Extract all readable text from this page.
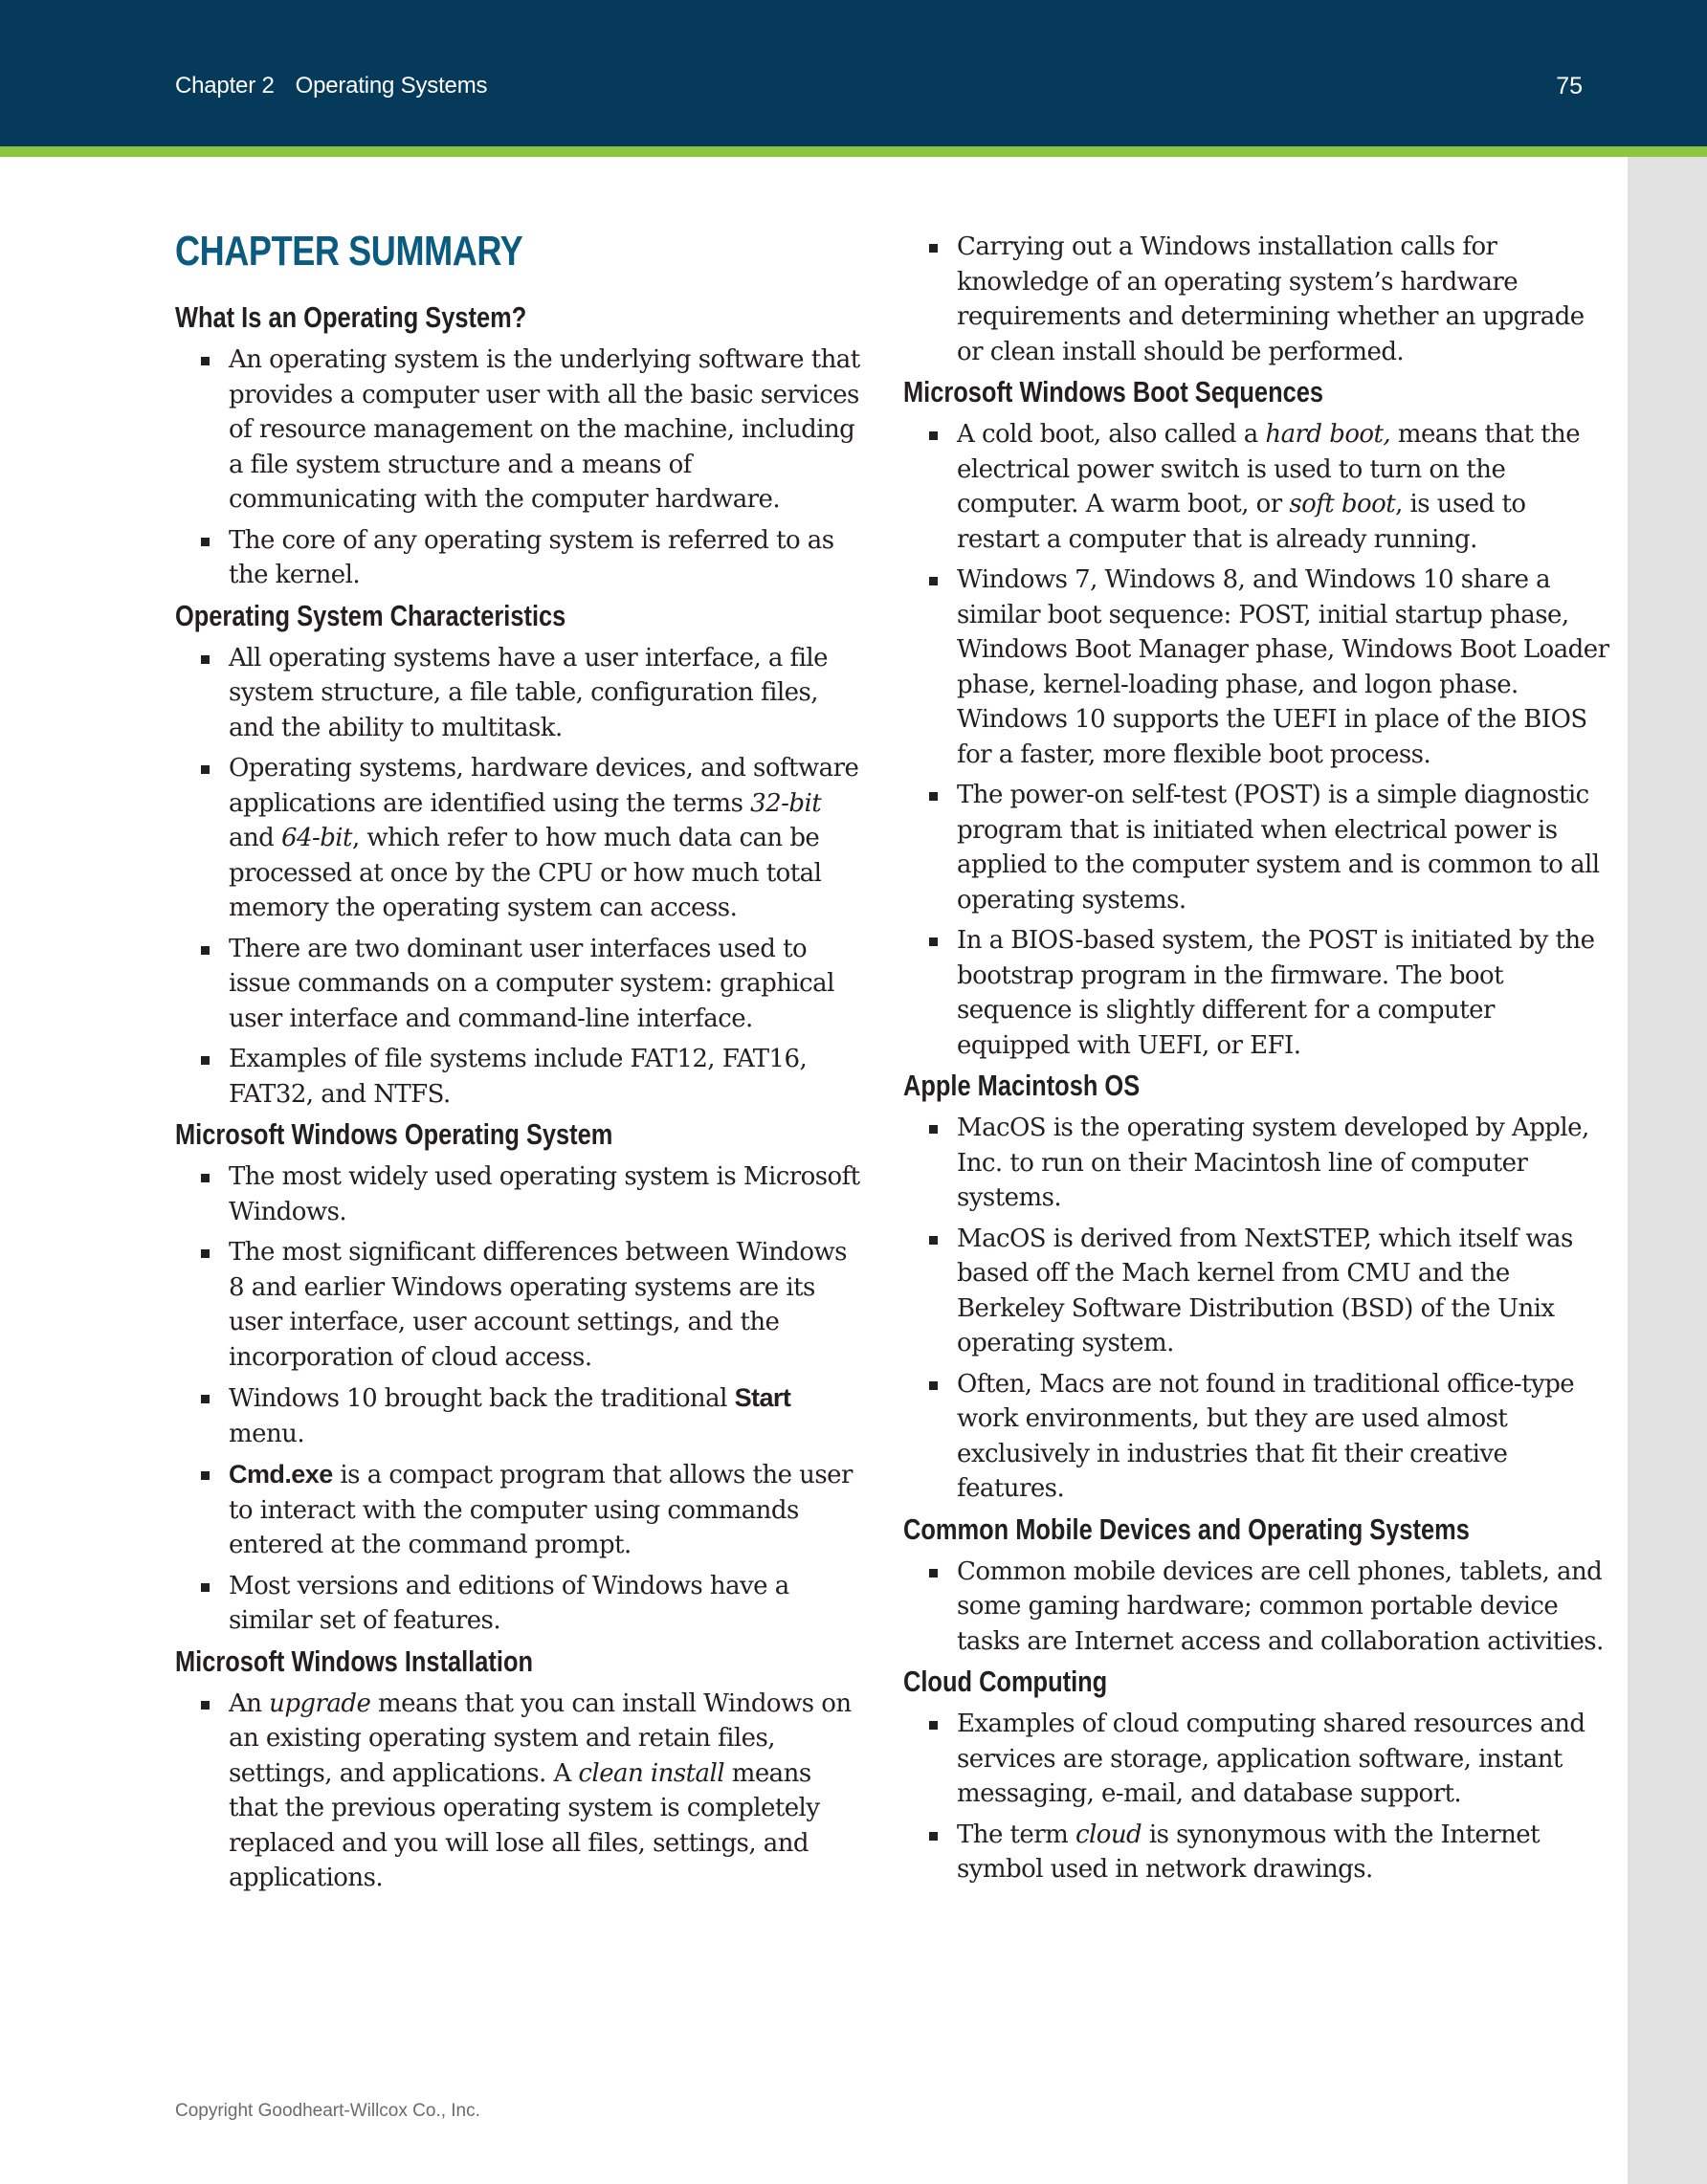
Chapter 2 Operating Systems	75
CHAPTER SUMMARY
What Is an Operating System?
An operating system is the underlying software that provides a computer user with all the basic services of resource management on the machine, including a file system structure and a means of communicating with the computer hardware.
The core of any operating system is referred to as the kernel.
Operating System Characteristics
All operating systems have a user interface, a file system structure, a file table, configuration files, and the ability to multitask.
Operating systems, hardware devices, and software applications are identified using the terms 32-bit and 64-bit, which refer to how much data can be processed at once by the CPU or how much total memory the operating system can access.
There are two dominant user interfaces used to issue commands on a computer system: graphical user interface and command-line interface.
Examples of file systems include FAT12, FAT16, FAT32, and NTFS.
Microsoft Windows Operating System
The most widely used operating system is Microsoft Windows.
The most significant differences between Windows 8 and earlier Windows operating systems are its user interface, user account settings, and the incorporation of cloud access.
Windows 10 brought back the traditional Start menu.
Cmd.exe is a compact program that allows the user to interact with the computer using commands entered at the command prompt.
Most versions and editions of Windows have a similar set of features.
Microsoft Windows Installation
An upgrade means that you can install Windows on an existing operating system and retain files, settings, and applications. A clean install means that the previous operating system is completely replaced and you will lose all files, settings, and applications.
Carrying out a Windows installation calls for knowledge of an operating system’s hardware requirements and determining whether an upgrade or clean install should be performed.
Microsoft Windows Boot Sequences
A cold boot, also called a hard boot, means that the electrical power switch is used to turn on the computer. A warm boot, or soft boot, is used to restart a computer that is already running.
Windows 7, Windows 8, and Windows 10 share a similar boot sequence: POST, initial startup phase, Windows Boot Manager phase, Windows Boot Loader phase, kernel-loading phase, and logon phase. Windows 10 supports the UEFI in place of the BIOS for a faster, more flexible boot process.
The power-on self-test (POST) is a simple diagnostic program that is initiated when electrical power is applied to the computer system and is common to all operating systems.
In a BIOS-based system, the POST is initiated by the bootstrap program in the firmware. The boot sequence is slightly different for a computer equipped with UEFI, or EFI.
Apple Macintosh OS
MacOS is the operating system developed by Apple, Inc. to run on their Macintosh line of computer systems.
MacOS is derived from NextSTEP, which itself was based off the Mach kernel from CMU and the Berkeley Software Distribution (BSD) of the Unix operating system.
Often, Macs are not found in traditional office-type work environments, but they are used almost exclusively in industries that fit their creative features.
Common Mobile Devices and Operating Systems
Common mobile devices are cell phones, tablets, and some gaming hardware; common portable device tasks are Internet access and collaboration activities.
Cloud Computing
Examples of cloud computing shared resources and services are storage, application software, instant messaging, e-mail, and database support.
The term cloud is synonymous with the Internet symbol used in network drawings.
Copyright Goodheart-Willcox Co., Inc.
